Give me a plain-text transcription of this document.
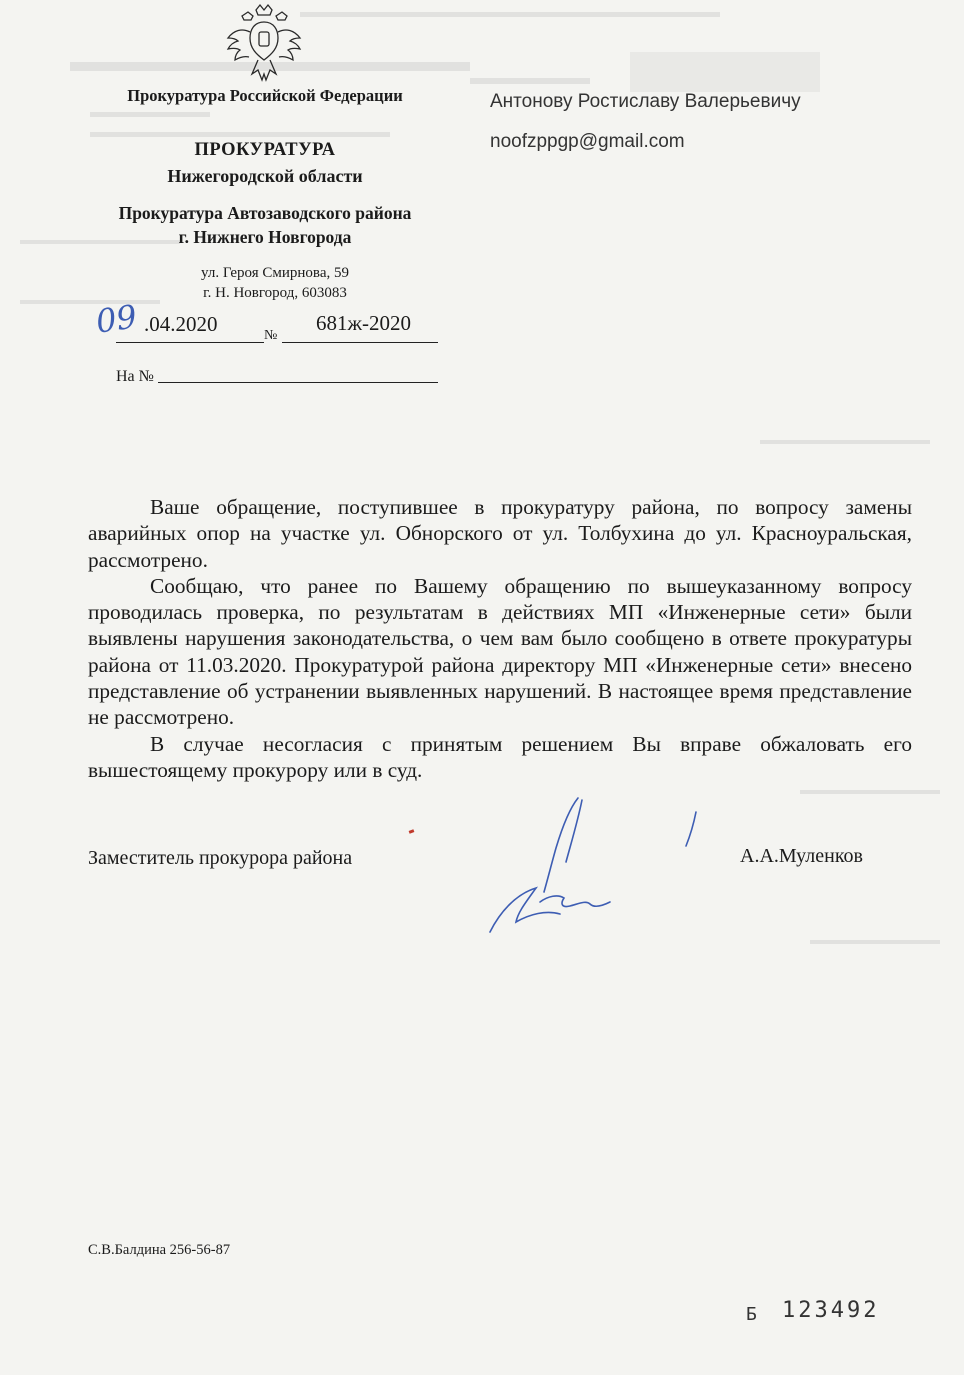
Прокуратура Российской Федерации
ПРОКУРАТУРА
Нижегородской области
Прокуратура Автозаводского района
г. Нижнего Новгорода
ул. Героя Смирнова, 59
г. Н. Новгород, 603083
09 .04.2020	№
681ж-2020
На №
Антонову Ростиславу Валерьевичу
noofzppgp@gmail.com

Ваше обращение, поступившее в прокуратуру района, по вопросу замены аварийных опор на участке ул. Обнорского от ул. Толбухина до ул. Красноуральская, рассмотрено.

Сообщаю, что ранее по Вашему обращению по вышеуказанному вопросу проводилась проверка, по результатам в действиях МП «Инженерные сети» были выявлены нарушения законодательства, о чем вам было сообщено в ответе прокуратуры района от 11.03.2020. Прокуратурой района директору МП «Инженерные сети» внесено представление об устранении выявленных нарушений. В настоящее время представление не рассмотрено.

В случае несогласия с принятым решением Вы вправе обжаловать его вышестоящему прокурору или в суд.

Заместитель прокурора района	А.А.Муленков
С.В.Балдина 256-56-87
Б 123492
